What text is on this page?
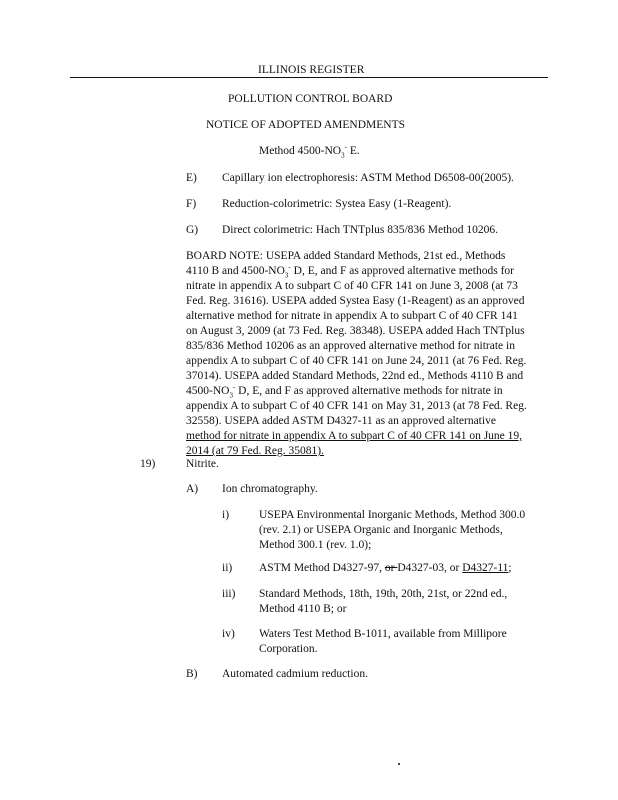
ILLINOIS REGISTER
POLLUTION CONTROL BOARD
NOTICE OF ADOPTED AMENDMENTS
Method $4500-NO_3^-$ E.
E) Capillary ion electrophoresis: ASTM Method D6508-00(2005).
F) Reduction-colorimetric: Systea Easy (1-Reagent).
G) Direct colorimetric: Hach TNTplus 835/836 Method 10206.
BOARD NOTE: USEPA added Standard Methods, 21st ed., Methods
4110 B and $4500-NO_3^-$ D, E, and F as approved alternative methods for
nitrate in appendix A to subpart C of 40 CFR 141 on June 3, 2008 (at 73
Fed. Reg. 31616). USEPA added Systea Easy (1-Reagent) as an approved
alternative method for nitrate in appendix A to subpart C of 40 CFR 141
on August 3, 2009 (at 73 Fed. Reg. 38348). USEPA added Hach TNTplus
835/836 Method 10206 as an approved alternative method for nitrate in
appendix A to subpart C of 40 CFR 141 on June 24, 2011 (at 76 Fed. Reg.
37014). USEPA added Standard Methods, 22nd ed., Methods 4110 B and
$4500-NO_3^-$ D, E, and F as approved alternative methods for nitrate in
appendix A to subpart C of 40 CFR 141 on May 31, 2013 (at 78 Fed. Reg.
32558). USEPA added ASTM D4327-11 as an approved alternative
method for nitrate in appendix A to subpart C of 40 CFR 141 on June 19,
2014 (at 79 Fed. Reg. 35081).
19)	Nitrite.
A) Ion chromatography.
i)	USEPA Environmental Inorganic Methods, Method 300.0
(rev. 2.1) or USEPA Organic and Inorganic Methods,
Method 300.1 (rev. 1.0);
ii) ASTM Method D4327-97, or D4327-03, or D4327-11;
iii) Standard Methods, 18th, 19th, 20th, 21st, or 22nd ed.,
Method 4110 B; or
iv) Waters Test Method B-1011, available from Millipore
Corporation.
B) Automated cadmium reduction.
